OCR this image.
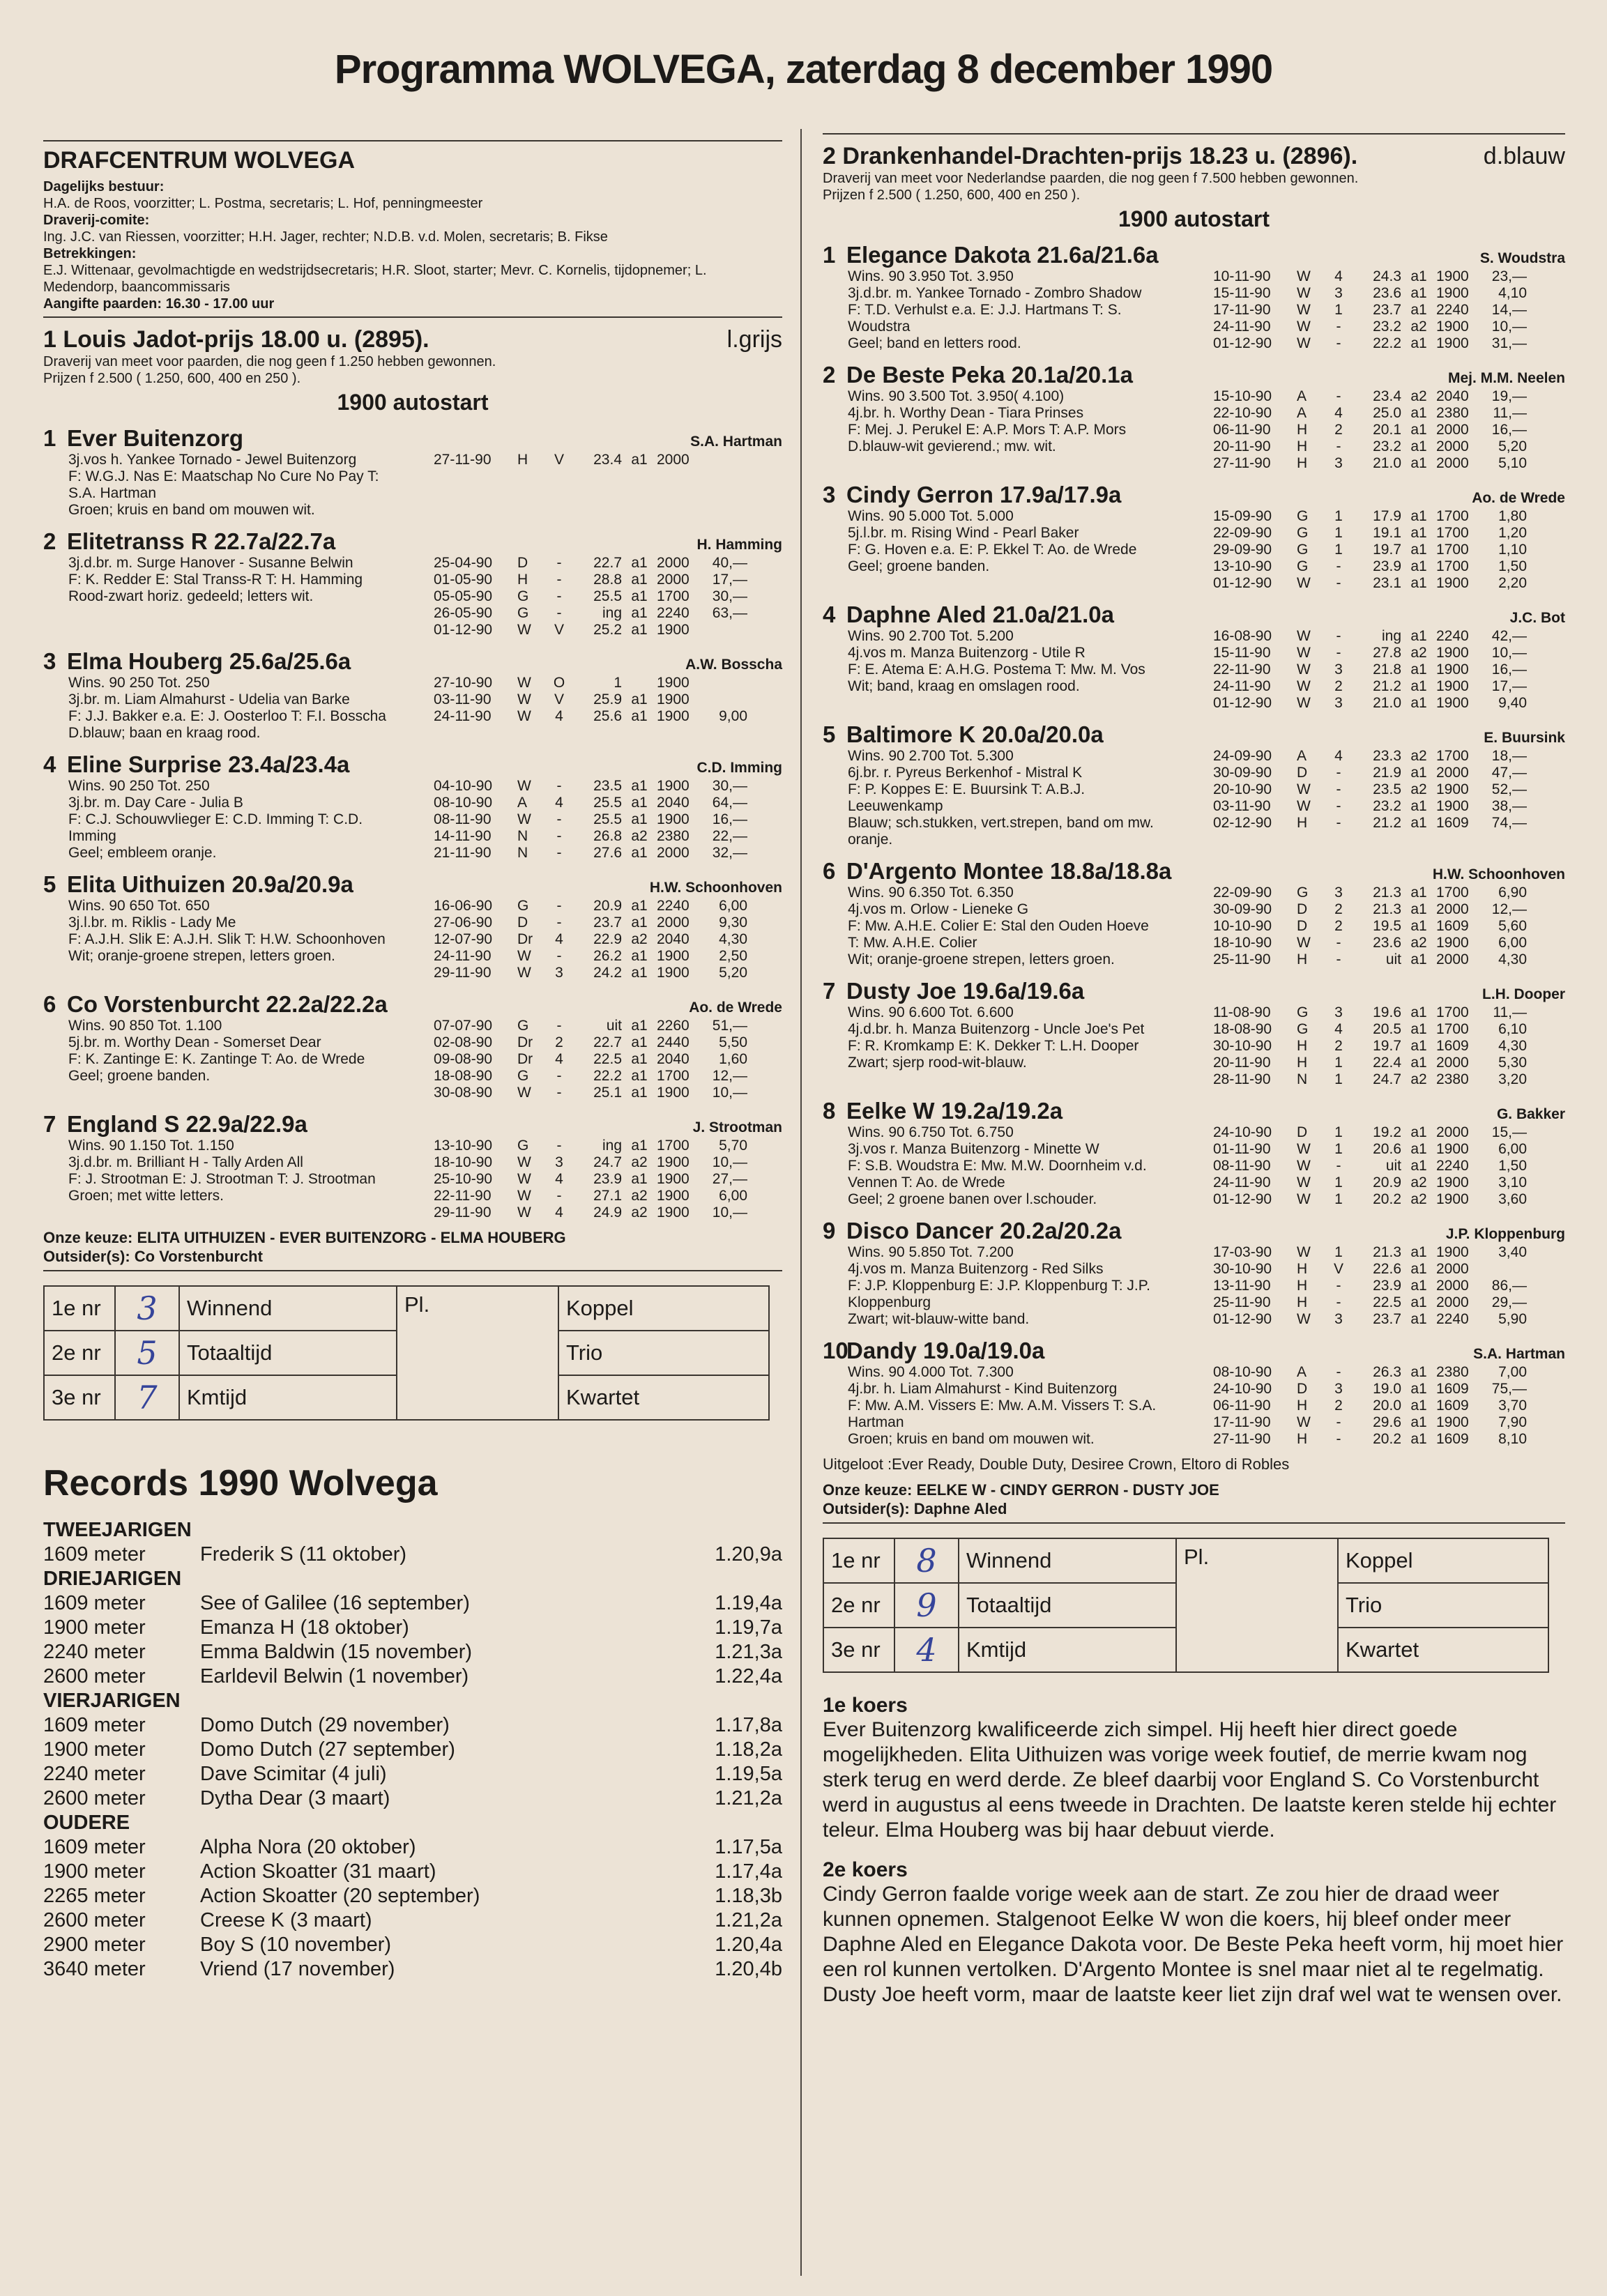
Programma WOLVEGA, zaterdag 8 december 1990
DRAFCENTRUM WOLVEGA
Dagelijks bestuur:
H.A. de Roos, voorzitter; L. Postma, secretaris; L. Hof, penningmeester
Draverij-comite:
Ing. J.C. van Riessen, voorzitter; H.H. Jager, rechter; N.D.B. v.d. Molen, secretaris; B. Fikse
Betrekkingen:
E.J. Wittenaar, gevolmachtigde en wedstrijdsecretaris; H.R. Sloot, starter; Mevr. C. Kornelis, tijdopnemer; L. Medendorp, baancommissaris
Aangifte paarden: 16.30 - 17.00 uur
1 Louis Jadot-prijs 18.00 u. (2895).	l.grijs
Draverij van meet voor paarden, die nog geen f 1.250 hebben gewonnen.
Prijzen f 2.500 ( 1.250, 600, 400 en 250 ).
1900 autostart
1 Ever Buitenzorg	S.A. Hartman
3j.vos h. Yankee Tornado - Jewel Buitenzorg
F: W.G.J. Nas E: Maatschap No Cure No Pay T:
S.A. Hartman
Groen; kruis en band om mouwen wit.
27-11-90	H	V	23.4 a1 2000
2 Elitetranss R 22.7a/22.7a	H. Hamming
3j.d.br. m. Surge Hanover - Susanne Belwin
F: K. Redder E: Stal Transs-R T: H. Hamming
Rood-zwart horiz. gedeeld; letters wit.
25-04-90	D	-	22.7 a1 2000	40,—
01-05-90	H	-	28.8 a1 2000	17,—
05-05-90	G	-	25.5 a1 1700	30,—
26-05-90	G	-	ing a1 2240	63,—
01-12-90	W	V	25.2 a1 1900
3 Elma Houberg 25.6a/25.6a	A.W. Bosscha
Wins. 90 250 Tot. 250
3j.br. m. Liam Almahurst - Udelia van Barke
F: J.J. Bakker e.a. E: J. Oosterloo T: F.I. Bosscha
D.blauw; baan en kraag rood.
27-10-90	W	O	1 1900
03-11-90	W	V	25.9 a1 1900
24-11-90	W	4	25.6 a1 1900	9,00
4 Eline Surprise 23.4a/23.4a	C.D. Imming
Wins. 90 250 Tot. 250
3j.br. m. Day Care - Julia B
F: C.J. Schouwvlieger E: C.D. Imming T: C.D.
Imming
Geel; embleem oranje.
04-10-90	W	-	23.5 a1 1900	30,—
08-10-90	A	4	25.5 a1 2040	64,—
08-11-90	W	-	25.5 a1 1900	16,—
14-11-90	N	-	26.8 a2 2380	22,—
21-11-90	N	-	27.6 a1 2000	32,—
5 Elita Uithuizen 20.9a/20.9a	H.W. Schoonhoven
Wins. 90 650 Tot. 650
3j.l.br. m. Riklis - Lady Me
F: A.J.H. Slik E: A.J.H. Slik T: H.W. Schoonhoven
Wit; oranje-groene strepen, letters groen.
16-06-90	G	-	20.9 a1 2240	6,00
27-06-90	D	-	23.7 a1 2000	9,30
12-07-90	Dr	4	22.9 a2 2040	4,30
24-11-90	W	-	26.2 a1 1900	2,50
29-11-90	W	3	24.2 a1 1900	5,20
6 Co Vorstenburcht 22.2a/22.2a	Ao. de Wrede
Wins. 90 850 Tot. 1.100
5j.br. m. Worthy Dean - Somerset Dear
F: K. Zantinge E: K. Zantinge T: Ao. de Wrede
Geel; groene banden.
07-07-90	G	-	uit a1 2260	51,—
02-08-90	Dr	2	22.7 a1 2440	5,50
09-08-90	Dr	4	22.5 a1 2040	1,60
18-08-90	G	-	22.2 a1 1700	12,—
30-08-90	W	-	25.1 a1 1900	10,—
7 England S 22.9a/22.9a	J. Strootman
Wins. 90 1.150 Tot. 1.150
3j.d.br. m. Brilliant H - Tally Arden All
F: J. Strootman E: J. Strootman T: J. Strootman
Groen; met witte letters.
13-10-90	G	-	ing a1 1700	5,70
18-10-90	W	3	24.7 a2 1900	10,—
25-10-90	W	4	23.9 a1 1900	27,—
22-11-90	W	-	27.1 a2 1900	6,00
29-11-90	W	4	24.9 a2 1900	10,—
Onze keuze: ELITA UITHUIZEN - EVER BUITENZORG - ELMA HOUBERG
Outsider(s): Co Vorstenburcht
1e nr	3	Winnend	Pl.	Koppel
2e nr	5	Totaaltijd		Trio
3e nr	7	Kmtijd		Kwartet
Records 1990 Wolvega
TWEEJARIGEN
1609 meter	Frederik S (11 oktober)	1.20,9a
DRIEJARIGEN
1609 meter	See of Galilee (16 september)	1.19,4a
1900 meter	Emanza H (18 oktober)	1.19,7a
2240 meter	Emma Baldwin (15 november)	1.21,3a
2600 meter	Earldevil Belwin (1 november)	1.22,4a
VIERJARIGEN
1609 meter	Domo Dutch (29 november)	1.17,8a
1900 meter	Domo Dutch (27 september)	1.18,2a
2240 meter	Dave Scimitar (4 juli)	1.19,5a
2600 meter	Dytha Dear (3 maart)	1.21,2a
OUDERE
1609 meter	Alpha Nora (20 oktober)	1.17,5a
1900 meter	Action Skoatter (31 maart)	1.17,4a
2265 meter	Action Skoatter (20 september)	1.18,3b
2600 meter	Creese K (3 maart)	1.21,2a
2900 meter	Boy S (10 november)	1.20,4a
3640 meter	Vriend (17 november)	1.20,4b
2 Drankenhandel-Drachten-prijs 18.23 u. (2896).	d.blauw
Draverij van meet voor Nederlandse paarden, die nog geen f 7.500 hebben gewonnen.
Prijzen f 2.500 ( 1.250, 600, 400 en 250 ).
1900 autostart
1 Elegance Dakota 21.6a/21.6a	S. Woudstra
Wins. 90 3.950 Tot. 3.950
3j.d.br. m. Yankee Tornado - Zombro Shadow
F: T.D. Verhulst e.a. E: J.J. Hartmans T: S.
Woudstra
Geel; band en letters rood.
10-11-90	W	4	24.3 a1 1900	23,—
15-11-90	W	3	23.6 a1 1900	4,10
17-11-90	W	1	23.7 a1 2240	14,—
24-11-90	W	-	23.2 a2 1900	10,—
01-12-90	W	-	22.2 a1 1900	31,—
2 De Beste Peka 20.1a/20.1a	Mej. M.M. Neelen
Wins. 90 3.500 Tot. 3.950( 4.100)
4j.br. h. Worthy Dean - Tiara Prinses
F: Mej. J. Perukel E: A.P. Mors T: A.P. Mors
D.blauw-wit gevierend.; mw. wit.
15-10-90	A	-	23.4 a2 2040	19,—
22-10-90	A	4	25.0 a1 2380	11,—
06-11-90	H	2	20.1 a1 2000	16,—
20-11-90	H	-	23.2 a1 2000	5,20
27-11-90	H	3	21.0 a1 2000	5,10
3 Cindy Gerron 17.9a/17.9a	Ao. de Wrede
Wins. 90 5.000 Tot. 5.000
5j.l.br. m. Rising Wind - Pearl Baker
F: G. Hoven e.a. E: P. Ekkel T: Ao. de Wrede
Geel; groene banden.
15-09-90	G	1	17.9 a1 1700	1,80
22-09-90	G	1	19.1 a1 1700	1,20
29-09-90	G	1	19.7 a1 1700	1,10
13-10-90	G	-	23.9 a1 1700	1,50
01-12-90	W	-	23.1 a1 1900	2,20
4 Daphne Aled 21.0a/21.0a	J.C. Bot
Wins. 90 2.700 Tot. 5.200
4j.vos m. Manza Buitenzorg - Utile R
F: E. Atema E: A.H.G. Postema T: Mw. M. Vos
Wit; band, kraag en omslagen rood.
16-08-90	W	-	ing a1 2240	42,—
15-11-90	W	-	27.8 a2 1900	10,—
22-11-90	W	3	21.8 a1 1900	16,—
24-11-90	W	2	21.2 a1 1900	17,—
01-12-90	W	3	21.0 a1 1900	9,40
5 Baltimore K 20.0a/20.0a	E. Buursink
Wins. 90 2.700 Tot. 5.300
6j.br. r. Pyreus Berkenhof - Mistral K
F: P. Koppes E: E. Buursink T: A.B.J.
Leeuwenkamp
Blauw; sch.stukken, vert.strepen, band om mw.
oranje.
24-09-90	A	4	23.3 a2 1700	18,—
30-09-90	D	-	21.9 a1 2000	47,—
20-10-90	W	-	23.5 a2 1900	52,—
03-11-90	W	-	23.2 a1 1900	38,—
02-12-90	H	-	21.2 a1 1609	74,—
6 D'Argento Montee 18.8a/18.8a	H.W. Schoonhoven
Wins. 90 6.350 Tot. 6.350
4j.vos m. Orlow - Lieneke G
F: Mw. A.H.E. Colier E: Stal den Ouden Hoeve
T: Mw. A.H.E. Colier
Wit; oranje-groene strepen, letters groen.
22-09-90	G	3	21.3 a1 1700	6,90
30-09-90	D	2	21.3 a1 2000	12,—
10-10-90	D	2	19.5 a1 1609	5,60
18-10-90	W	-	23.6 a2 1900	6,00
25-11-90	H	-	uit a1 2000	4,30
7 Dusty Joe 19.6a/19.6a	L.H. Dooper
Wins. 90 6.600 Tot. 6.600
4j.d.br. h. Manza Buitenzorg - Uncle Joe's Pet
F: R. Kromkamp E: K. Dekker T: L.H. Dooper
Zwart; sjerp rood-wit-blauw.
11-08-90	G	3	19.6 a1 1700	11,—
18-08-90	G	4	20.5 a1 1700	6,10
30-10-90	H	2	19.7 a1 1609	4,30
20-11-90	H	1	22.4 a1 2000	5,30
28-11-90	N	1	24.7 a2 2380	3,20
8 Eelke W 19.2a/19.2a	G. Bakker
Wins. 90 6.750 Tot. 6.750
3j.vos r. Manza Buitenzorg - Minette W
F: S.B. Woudstra E: Mw. M.W. Doornheim v.d.
Vennen T: Ao. de Wrede
Geel; 2 groene banen over l.schouder.
24-10-90	D	1	19.2 a1 2000	15,—
01-11-90	W	1	20.6 a1 1900	6,00
08-11-90	W	-	uit a1 2240	1,50
24-11-90	W	1	20.9 a2 1900	3,10
01-12-90	W	1	20.2 a2 1900	3,60
9 Disco Dancer 20.2a/20.2a	J.P. Kloppenburg
Wins. 90 5.850 Tot. 7.200
4j.vos m. Manza Buitenzorg - Red Silks
F: J.P. Kloppenburg E: J.P. Kloppenburg T: J.P.
Kloppenburg
Zwart; wit-blauw-witte band.
17-03-90	W	1	21.3 a1 1900	3,40
30-10-90	H	V	22.6 a1 2000
13-11-90	H	-	23.9 a1 2000	86,—
25-11-90	H	-	22.5 a1 2000	29,—
01-12-90	W	3	23.7 a1 2240	5,90
10Dandy 19.0a/19.0a	S.A. Hartman
Wins. 90 4.000 Tot. 7.300
4j.br. h. Liam Almahurst - Kind Buitenzorg
F: Mw. A.M. Vissers E: Mw. A.M. Vissers T: S.A.
Hartman
Groen; kruis en band om mouwen wit.
08-10-90	A	-	26.3 a1 2380	7,00
24-10-90	D	3	19.0 a1 1609	75,—
06-11-90	H	2	20.0 a1 1609	3,70
17-11-90	W	-	29.6 a1 1900	7,90
27-11-90	H	-	20.2 a1 1609	8,10
Uitgeloot :Ever Ready, Double Duty, Desiree Crown, Eltoro di Robles
Onze keuze: EELKE W - CINDY GERRON - DUSTY JOE
Outsider(s): Daphne Aled
1e nr	8	Winnend	Pl.	Koppel
2e nr	9	Totaaltijd		Trio
3e nr	4	Kmtijd		Kwartet
1e koers
Ever Buitenzorg kwalificeerde zich simpel. Hij heeft hier direct goede mogelijkheden. Elita Uithuizen was vorige week foutief, de merrie kwam nog sterk terug en werd derde. Ze bleef daarbij voor England S. Co Vorstenburcht werd in augustus al eens tweede in Drachten. De laatste keren stelde hij echter teleur. Elma Houberg was bij haar debuut vierde.
2e koers
Cindy Gerron faalde vorige week aan de start. Ze zou hier de draad weer kunnen opnemen. Stalgenoot Eelke W won die koers, hij bleef onder meer Daphne Aled en Elegance Dakota voor. De Beste Peka heeft vorm, hij moet hier een rol kunnen vertolken. D'Argento Montee is snel maar niet al te regelmatig. Dusty Joe heeft vorm, maar de laatste keer liet zijn draf wel wat te wensen over.
